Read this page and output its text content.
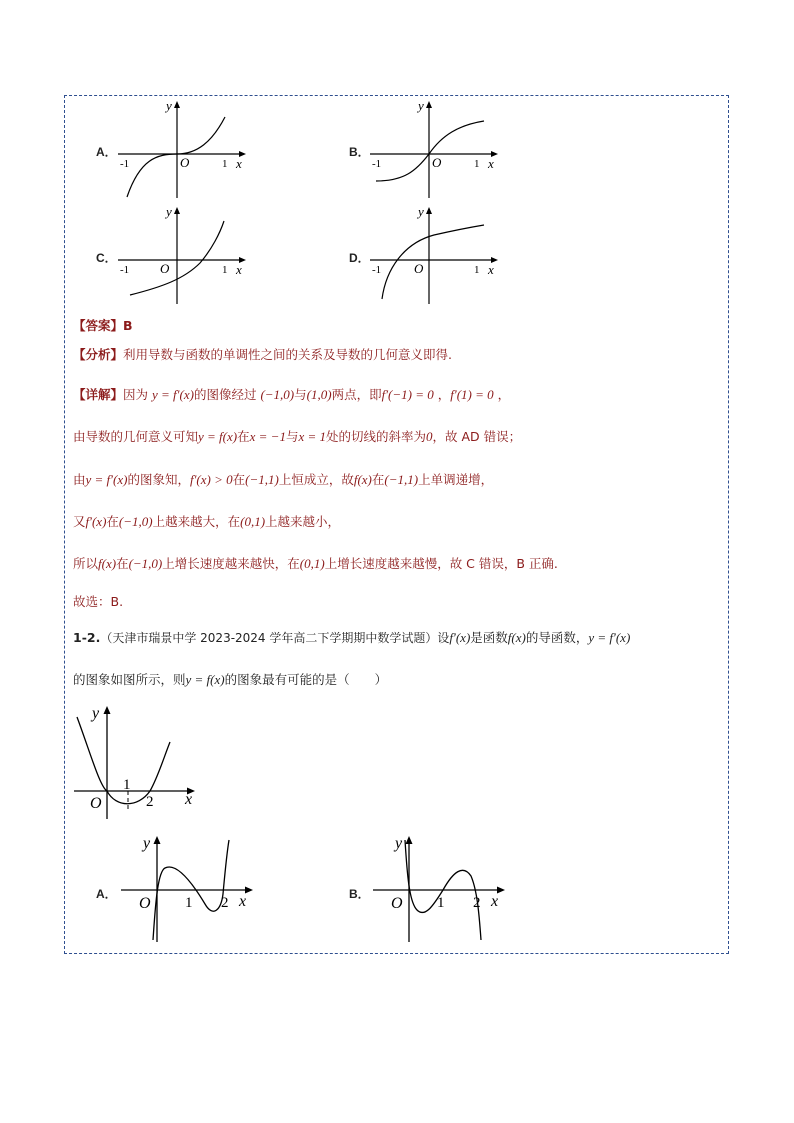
A．
y
x
O
-1	1
B．
y
x
O
-1	1
C．
y
x
O
-1	1
D．
y
x
O
-1	1
【答案】B
【分析】利用导数与函数的单调性之间的关系及导数的几何意义即得.
【详解】因为 y = f′(x)的图像经过 (−1,0)与(1,0)两点，即f′(−1) = 0 ，f′(1) = 0 ，
由导数的几何意义可知y = f(x)在x = −1与x = 1处的切线的斜率为0，故 AD 错误；
由y = f′(x)的图象知，f′(x) > 0在(−1,1)上恒成立，故f(x)在(−1,1)上单调递增，
又f′(x)在(−1,0)上越来越大，在(0,1)上越来越小，
所以f(x)在(−1,0)上增长速度越来越快，在(0,1)上增长速度越来越慢，故 C 错误，B 正确.
故选：B.
1-2.（天津市瑞景中学 2023-2024 学年高二下学期期中数学试题）设f′(x)是函数f(x)的导函数，y = f′(x)
的图象如图所示，则y = f(x)的图象最有可能的是（　　）
y
x
O
1
2
A．
y
x
O 1 2
B．
y
x
O 1 2
